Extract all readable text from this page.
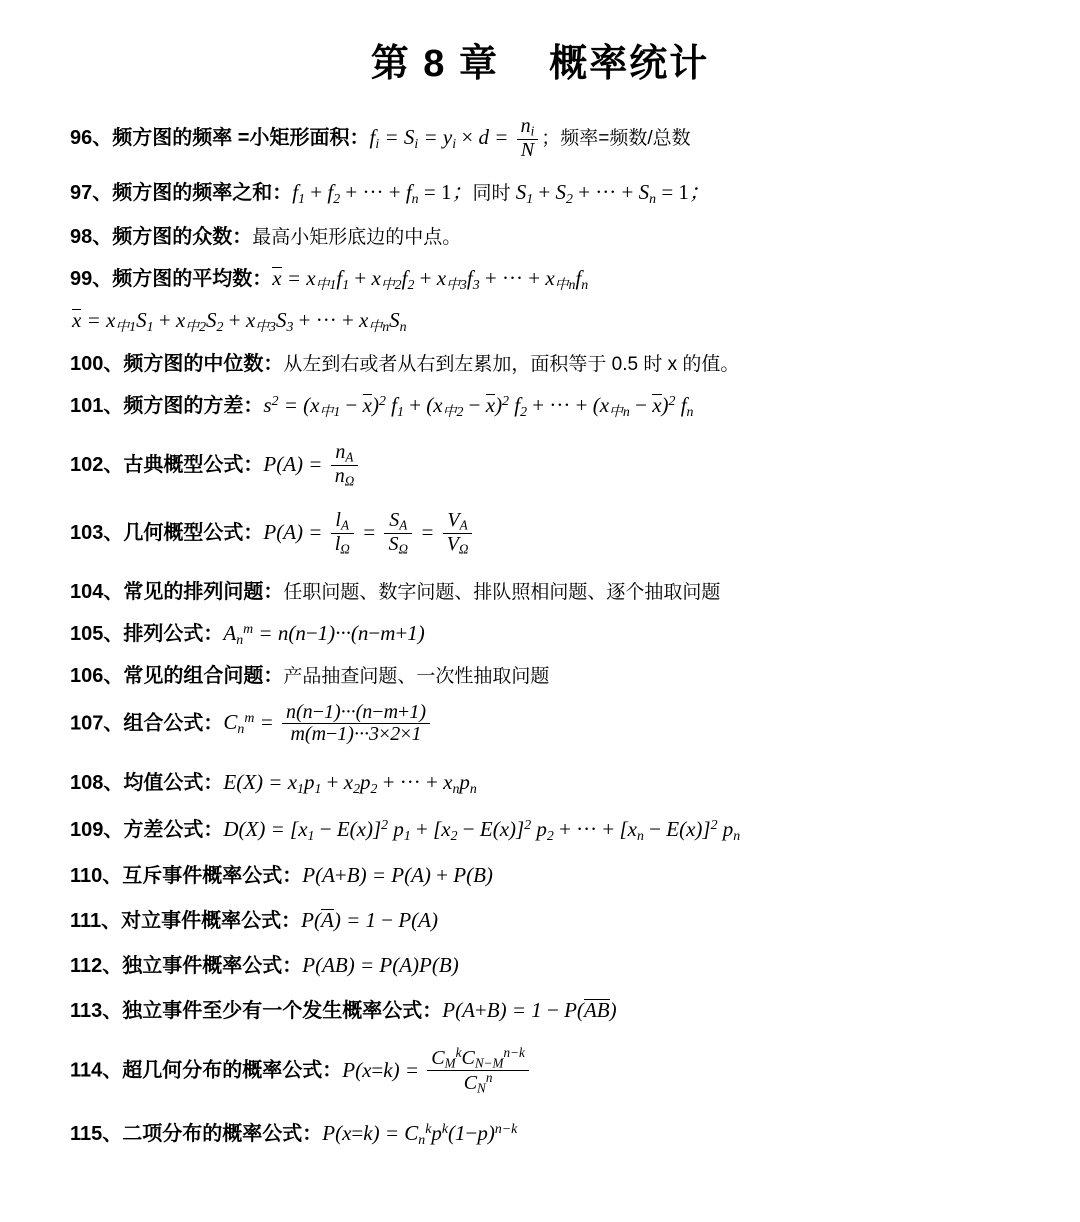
第 8 章    概率统计
96、频方图的频率 =小矩形面积：$f_i = S_i = y_i \times d = \frac{n_i}{N}$ ；频率=频数/总数
97、频方图的频率之和：$f_1 + f_2$ + ··· + $f_n = 1$；同时 $S_1 + S_2$ + ··· + $S_n = 1$；
98、频方图的众数：最高小矩形底边的中点。
99、频方图的平均数：$x = x_{中1}f_1 + x_{中2}f_2 + x_{中3}f_3$ + ··· + $x_{中n}f_n$
$x = x_{中1}S_1 + x_{中2}S_2 + x_{中3}S_3$ + ··· + $x_{中n}S_n$
100、频方图的中位数：从左到右或者从右到左累加，面积等于 0.5 时 x 的值。
101、频方图的方差：$s^2 = (x_{中1} - x)^2$ $f_1 + (x_{中2} - x)^2$ $f_2$ + ··· + $(x_{中n} - x)^2$ $f_n$
102、古典概型公式：$P(A) = \frac{n_A}{n_\Omega}$
103、几何概型公式：$P(A) = \frac{l_A}{l_\Omega} = \frac{S_A}{S_\Omega} = \frac{V_A}{V_\Omega}$
104、常见的排列问题：任职问题、数字问题、排队照相问题、逐个抽取问题
105、排列公式：$A_n^m = n(n-1)\cdot\cdot\cdot(n-m+1)$
106、常见的组合问题：产品抽查问题、一次性抽取问题
107、组合公式：$C_n^m = \frac{n(n-1)\cdot\cdot\cdot(n-m+1)}{m(m-1)\cdot\cdot\cdot 3\times 2\times 1}$
108、均值公式：$E(X) = x_1p_1 + x_2p_2$ + ··· + $x_np_n$
109、方差公式：$D(X) = [x_1 - E(x)]^2$ $p_1 + [x_2 - E(x)]^2$ $p_2$ + ··· + $[x_n - E(x)]^2$ $p_n$
110、互斥事件概率公式：P(A+B) = P(A) + P(B)
111、对立事件概率公式：P(A) = 1 − P(A)
112、独立事件概率公式：P(AB) = P(A)P(B)
113、独立事件至少有一个发生概率公式：P(A+B) = 1 − P(AB)
114、超几何分布的概率公式：$P(x=k) = \frac{C_M^kC_{N-M}^{n-k}}{C_N^n}$
115、二项分布的概率公式：$P(x=k) = C_n^kp^k(1-p)^{n-k}$
